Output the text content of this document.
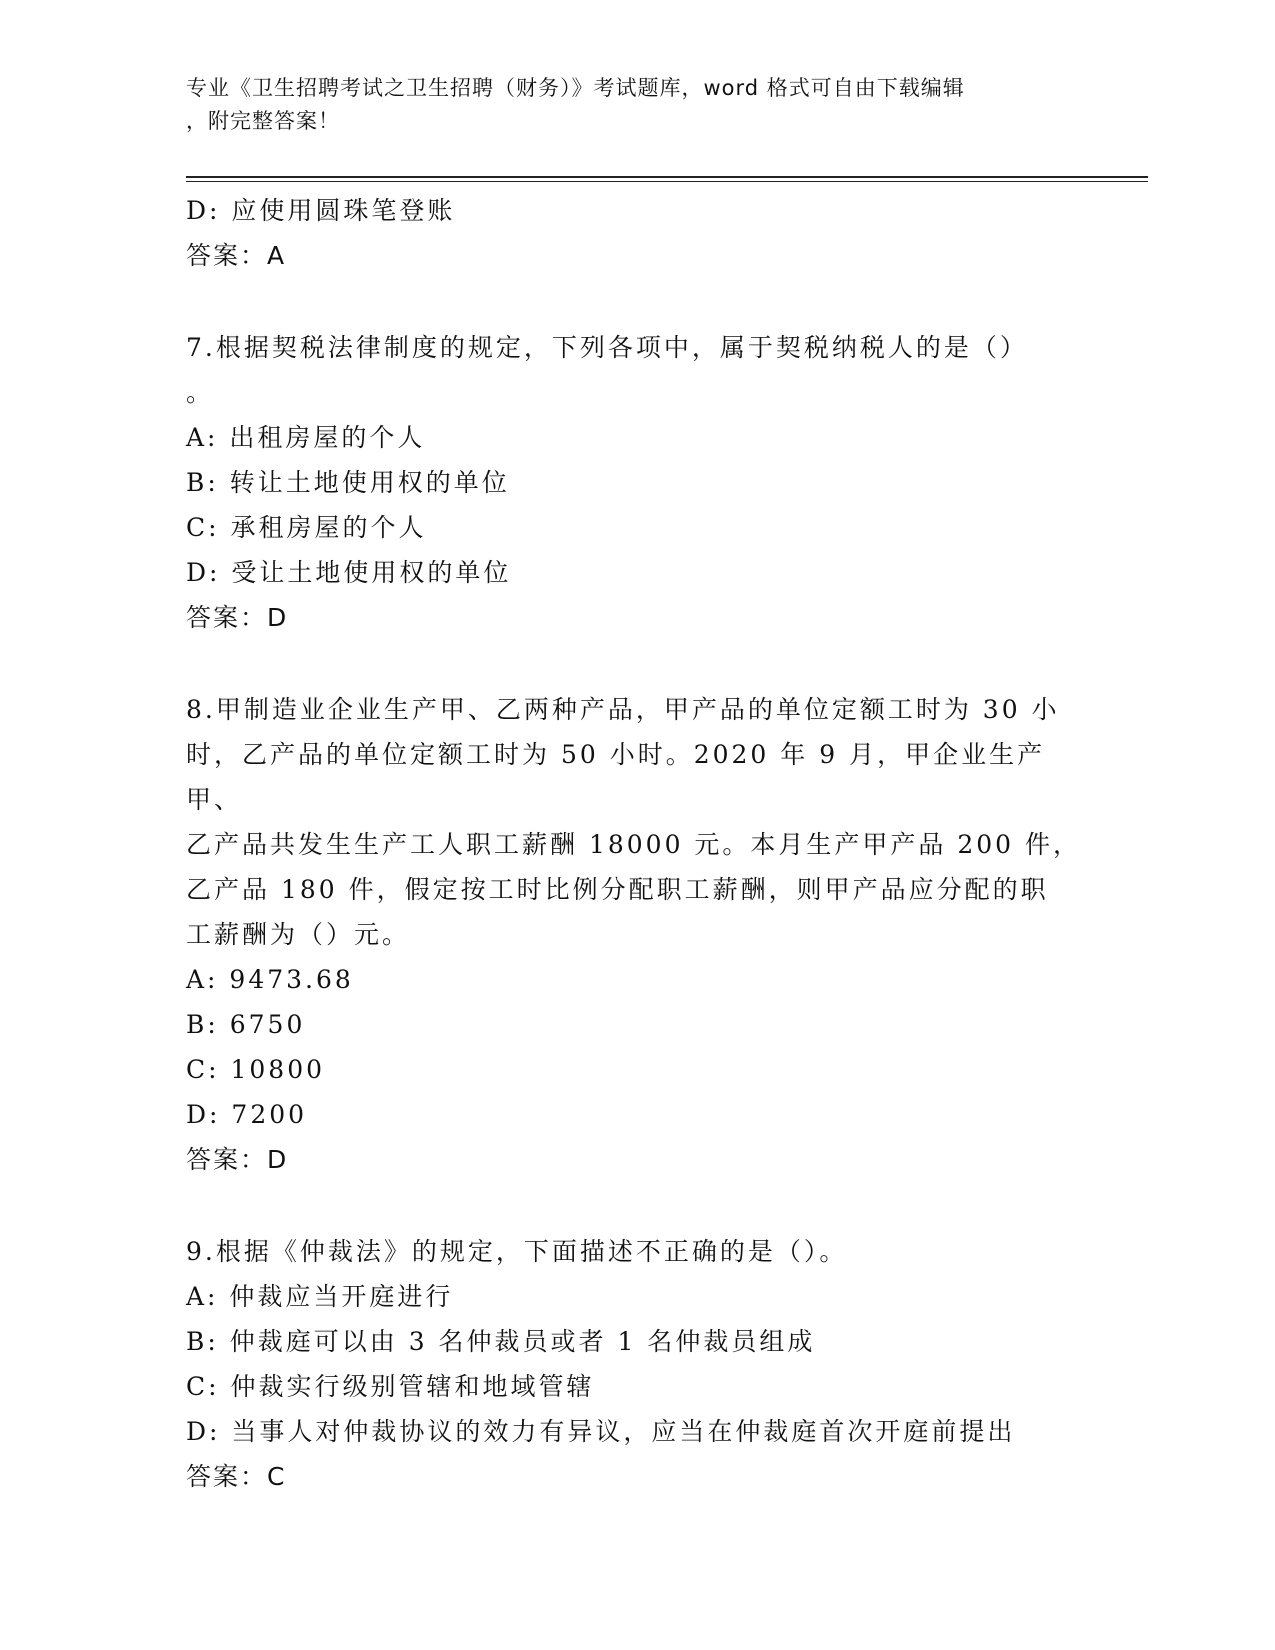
专业《卫生招聘考试之卫生招聘（财务）》考试题库，word 格式可自由下载编辑
，附完整答案！
D: 应使用圆珠笔登账
答案：A
7.根据契税法律制度的规定，下列各项中，属于契税纳税人的是（）
。
A: 出租房屋的个人
B: 转让土地使用权的单位
C: 承租房屋的个人
D: 受让土地使用权的单位
答案：D
8.甲制造业企业生产甲、乙两种产品，甲产品的单位定额工时为 30 小
时，乙产品的单位定额工时为 50 小时。2020 年 9 月，甲企业生产甲、
乙产品共发生生产工人职工薪酬 18000 元。本月生产甲产品 200 件，
乙产品 180 件，假定按工时比例分配职工薪酬，则甲产品应分配的职
工薪酬为（）元。
A: 9473.68
B: 6750
C: 10800
D: 7200
答案：D
9.根据《仲裁法》的规定，下面描述不正确的是（）。
A: 仲裁应当开庭进行
B: 仲裁庭可以由 3 名仲裁员或者 1 名仲裁员组成
C: 仲裁实行级别管辖和地域管辖
D: 当事人对仲裁协议的效力有异议，应当在仲裁庭首次开庭前提出
答案：C
